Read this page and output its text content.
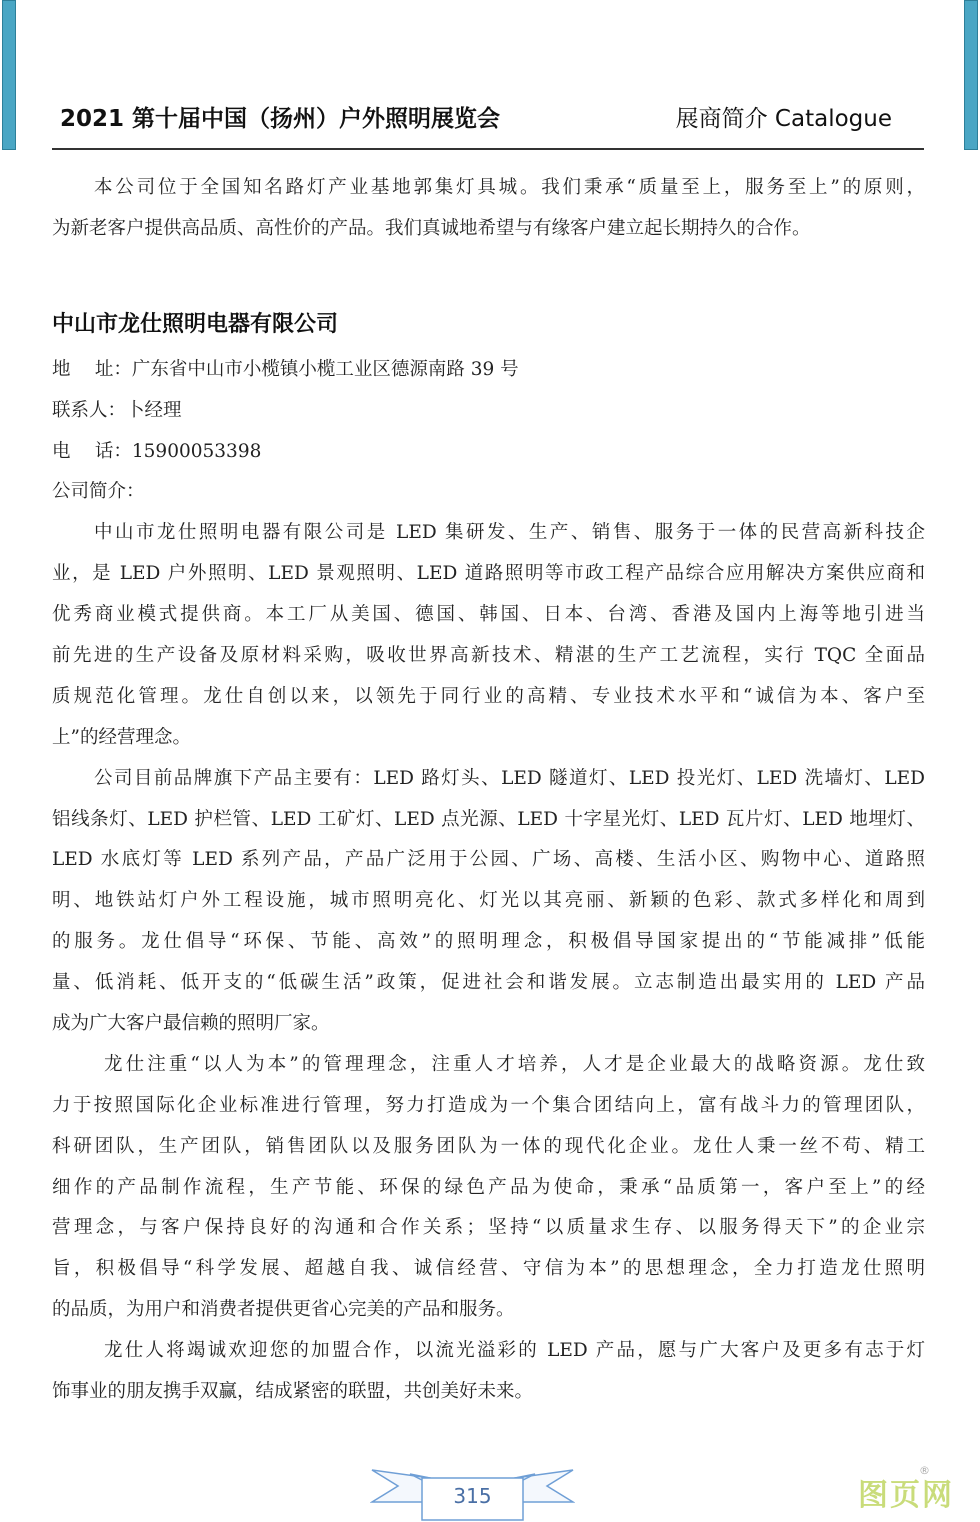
2021 第十届中国（扬州）户外照明展览会	展商简介 Catalogue
本公司位于全国知名路灯产业基地郭集灯具城。我们秉承“质量至上，服务至上”的原则，
为新老客户提供高品质、高性价的产品。我们真诚地希望与有缘客户建立起长期持久的合作。
中山市龙仕照明电器有限公司
地　 址：广东省中山市小榄镇小榄工业区德源南路 39 号
联系人：卜经理
电　 话：15900053398
公司简介：
中山市龙仕照明电器有限公司是 LED 集研发、生产、销售、服务于一体的民营高新科技企
业，是 LED 户外照明、LED 景观照明、LED 道路照明等市政工程产品综合应用解决方案供应商和
优秀商业模式提供商。本工厂从美国、德国、韩国、日本、台湾、香港及国内上海等地引进当
前先进的生产设备及原材料采购，吸收世界高新技术、精湛的生产工艺流程，实行 TQC 全面品
质规范化管理。龙仕自创以来，以领先于同行业的高精、专业技术水平和“诚信为本、客户至
上”的经营理念。
公司目前品牌旗下产品主要有：LED 路灯头、LED 隧道灯、LED 投光灯、LED 洗墙灯、LED
铝线条灯、LED 护栏管、LED 工矿灯、LED 点光源、LED 十字星光灯、LED 瓦片灯、LED 地埋灯、
LED 水底灯等 LED 系列产品，产品广泛用于公园、广场、高楼、生活小区、购物中心、道路照
明、地铁站灯户外工程设施，城市照明亮化、灯光以其亮丽、新颖的色彩、款式多样化和周到
的服务。龙仕倡导“环保、节能、高效”的照明理念，积极倡导国家提出的“节能减排”低能
量、低消耗、低开支的“低碳生活”政策，促进社会和谐发展。立志制造出最实用的 LED 产品
成为广大客户最信赖的照明厂家。
龙仕注重“以人为本”的管理理念，注重人才培养，人才是企业最大的战略资源。龙仕致
力于按照国际化企业标准进行管理，努力打造成为一个集合团结向上，富有战斗力的管理团队，
科研团队，生产团队，销售团队以及服务团队为一体的现代化企业。龙仕人秉一丝不苟、精工
细作的产品制作流程，生产节能、环保的绿色产品为使命，秉承“品质第一，客户至上”的经
营理念，与客户保持良好的沟通和合作关系；坚持“以质量求生存、以服务得天下”的企业宗
旨，积极倡导“科学发展、超越自我、诚信经营、守信为本”的思想理念，全力打造龙仕照明
的品质，为用户和消费者提供更省心完美的产品和服务。
龙仕人将竭诚欢迎您的加盟合作，以流光溢彩的 LED 产品，愿与广大客户及更多有志于灯
饰事业的朋友携手双赢，结成紧密的联盟，共创美好未来。
315	图页网
®
